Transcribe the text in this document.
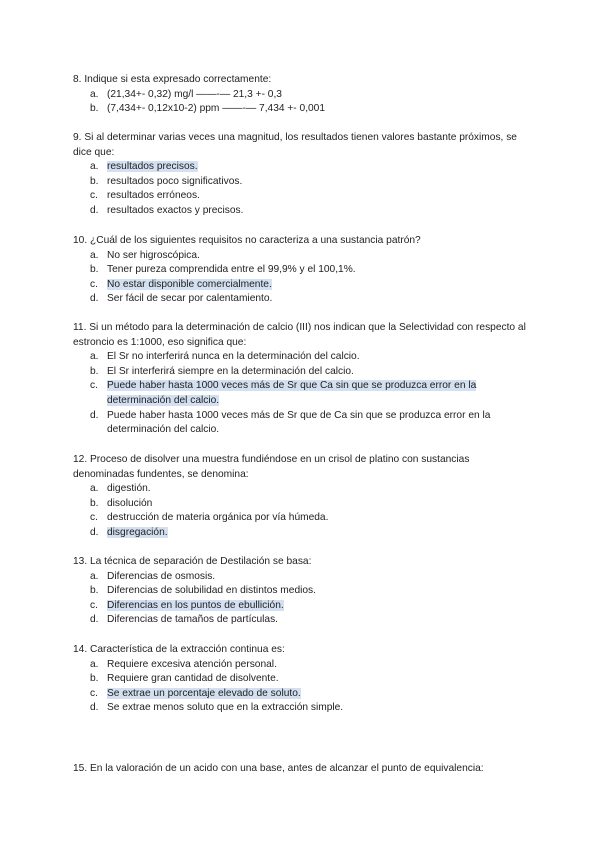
8. Indique si esta expresado correctamente:

a. (21,34+- 0,32) mg/l ——-— 21,3 +- 0,3
b. (7,434+- 0,12x10-2) ppm ——-— 7,434 +- 0,001

9. Si al determinar varias veces una magnitud, los resultados tienen valores bastante próximos, se dice que:

a. resultados precisos.
b. resultados poco significativos.
c. resultados erróneos.
d. resultados exactos y precisos.

10. ¿Cuál de los siguientes requisitos no caracteriza a una sustancia patrón?

a. No ser higroscópica.
b. Tener pureza comprendida entre el 99,9% y el 100,1%.
c. No estar disponible comercialmente.
d. Ser fácil de secar por calentamiento.

11. Si un método para la determinación de calcio (III) nos indican que la Selectividad con respecto al estroncio es 1:1000, eso significa que:

a. El Sr no interferirá nunca en la determinación del calcio.
b. El Sr interferirá siempre en la determinación del calcio.
c. Puede haber hasta 1000 veces más de Sr que Ca sin que se produzca error en la determinación del calcio.
d. Puede haber hasta 1000 veces más de Sr que de Ca sin que se produzca error en la determinación del calcio.

12. Proceso de disolver una muestra fundiéndose en un crisol de platino con sustancias denominadas fundentes, se denomina:

a. digestión.
b. disolución
c. destrucción de materia orgánica por vía húmeda.
d. disgregación.

13. La técnica de separación de Destilación se basa:

a. Diferencias de osmosis.
b. Diferencias de solubilidad en distintos medios.
c. Diferencias en los puntos de ebullición.
d. Diferencias de tamaños de partículas.

14. Característica de la extracción continua es:

a. Requiere excesiva atención personal.
b. Requiere gran cantidad de disolvente.
c. Se extrae un porcentaje elevado de soluto.
d. Se extrae menos soluto que en la extracción simple.

15. En la valoración de un acido con una base, antes de alcanzar el punto de equivalencia:
